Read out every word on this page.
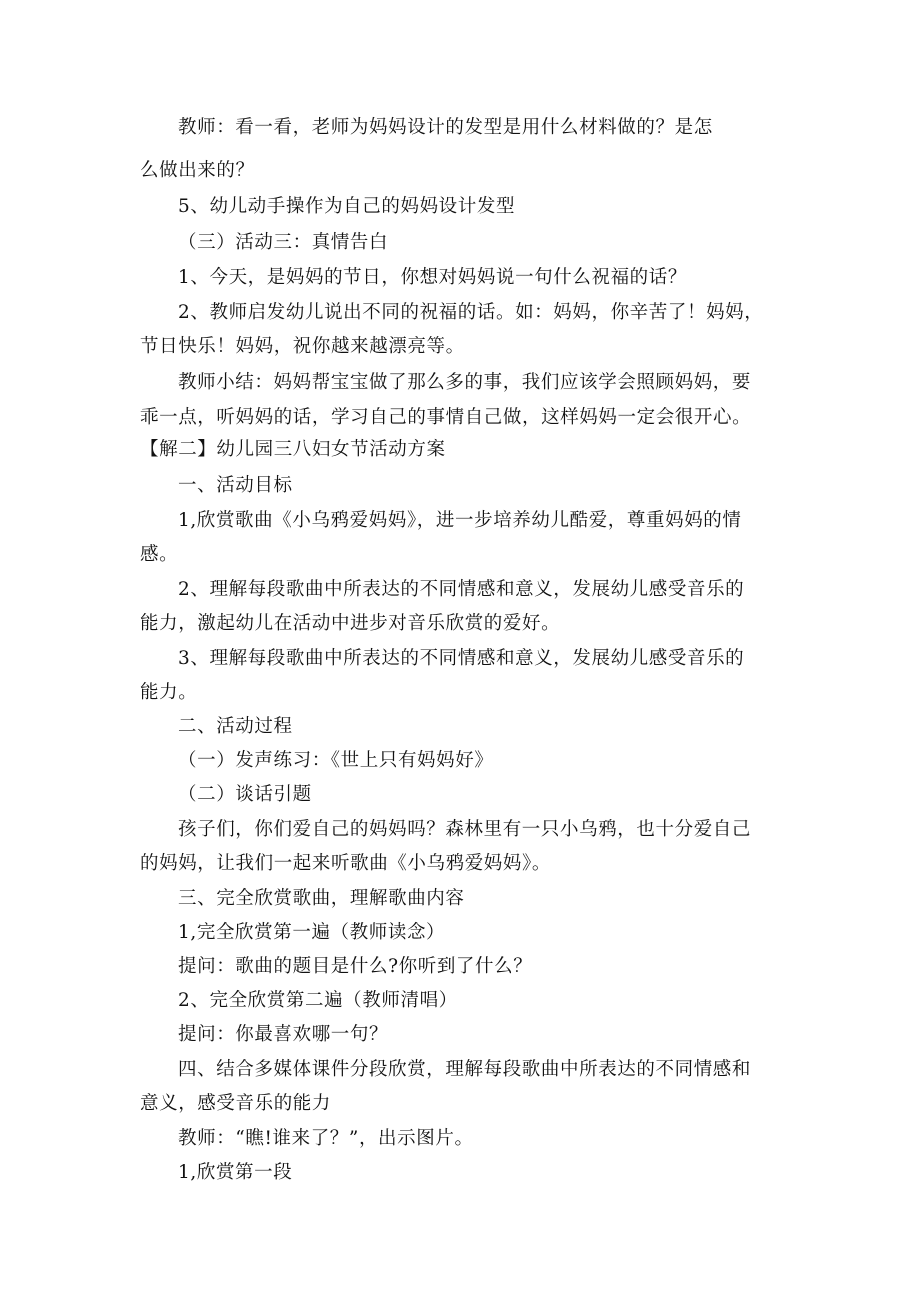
教师：看一看，老师为妈妈设计的发型是用什么材料做的？是怎
么做出来的？
5、幼儿动手操作为自己的妈妈设计发型
（三）活动三：真情告白
1、今天，是妈妈的节日，你想对妈妈说一句什么祝福的话？
2、教师启发幼儿说出不同的祝福的话。如：妈妈，你辛苦了！妈妈，
节日快乐！妈妈，祝你越来越漂亮等。
教师小结：妈妈帮宝宝做了那么多的事，我们应该学会照顾妈妈，要
乖一点，听妈妈的话，学习自己的事情自己做，这样妈妈一定会很开心。
【解二】幼儿园三八妇女节活动方案
一、活动目标
1,欣赏歌曲《小乌鸦爱妈妈》，进一步培养幼儿酷爱，尊重妈妈的情
感。
2、理解每段歌曲中所表达的不同情感和意义，发展幼儿感受音乐的
能力，激起幼儿在活动中进步对音乐欣赏的爱好。
3、理解每段歌曲中所表达的不同情感和意义，发展幼儿感受音乐的
能力。
二、活动过程
（一）发声练习：《世上只有妈妈好》
（二）谈话引题
孩子们，你们爱自己的妈妈吗？森林里有一只小乌鸦，也十分爱自己
的妈妈，让我们一起来听歌曲《小乌鸦爱妈妈》。
三、完全欣赏歌曲，理解歌曲内容
1,完全欣赏第一遍（教师读念）
提问：歌曲的题目是什么?你听到了什么？
2、完全欣赏第二遍（教师清唱）
提问：你最喜欢哪一句？
四、结合多媒体课件分段欣赏，理解每段歌曲中所表达的不同情感和
意义，感受音乐的能力
教师：“瞧!谁来了？”，出示图片。
1,欣赏第一段
